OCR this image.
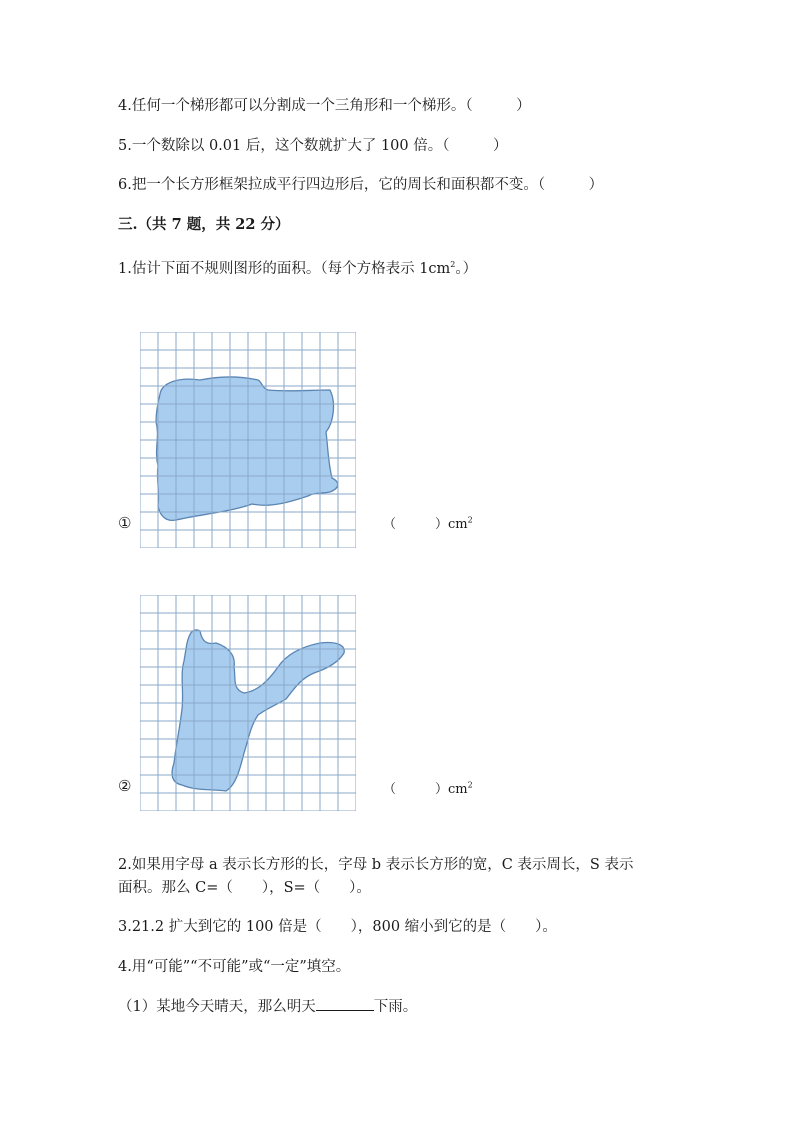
4.任何一个梯形都可以分割成一个三角形和一个梯形。（　　　）
5.一个数除以 0.01 后，这个数就扩大了 100 倍。（　　　）
6.把一个长方形框架拉成平行四边形后，它的周长和面积都不变。（　　　）
三.（共 7 题，共 22 分）
1.估计下面不规则图形的面积。（每个方格表示 $1cm^2$。）
①	（　　　）$cm^2$
②	（　　　）$cm^2$
2.如果用字母 a 表示长方形的长，字母 b 表示长方形的宽，C 表示周长，S 表示
面积。那么 C=（　　），S=（　　）。
3.21.2 扩大到它的 100 倍是（　　），800 缩小到它的是（　　）。
4.用“可能”“不可能”或“一定”填空。
（1）某地今天晴天，那么明天	下雨。
